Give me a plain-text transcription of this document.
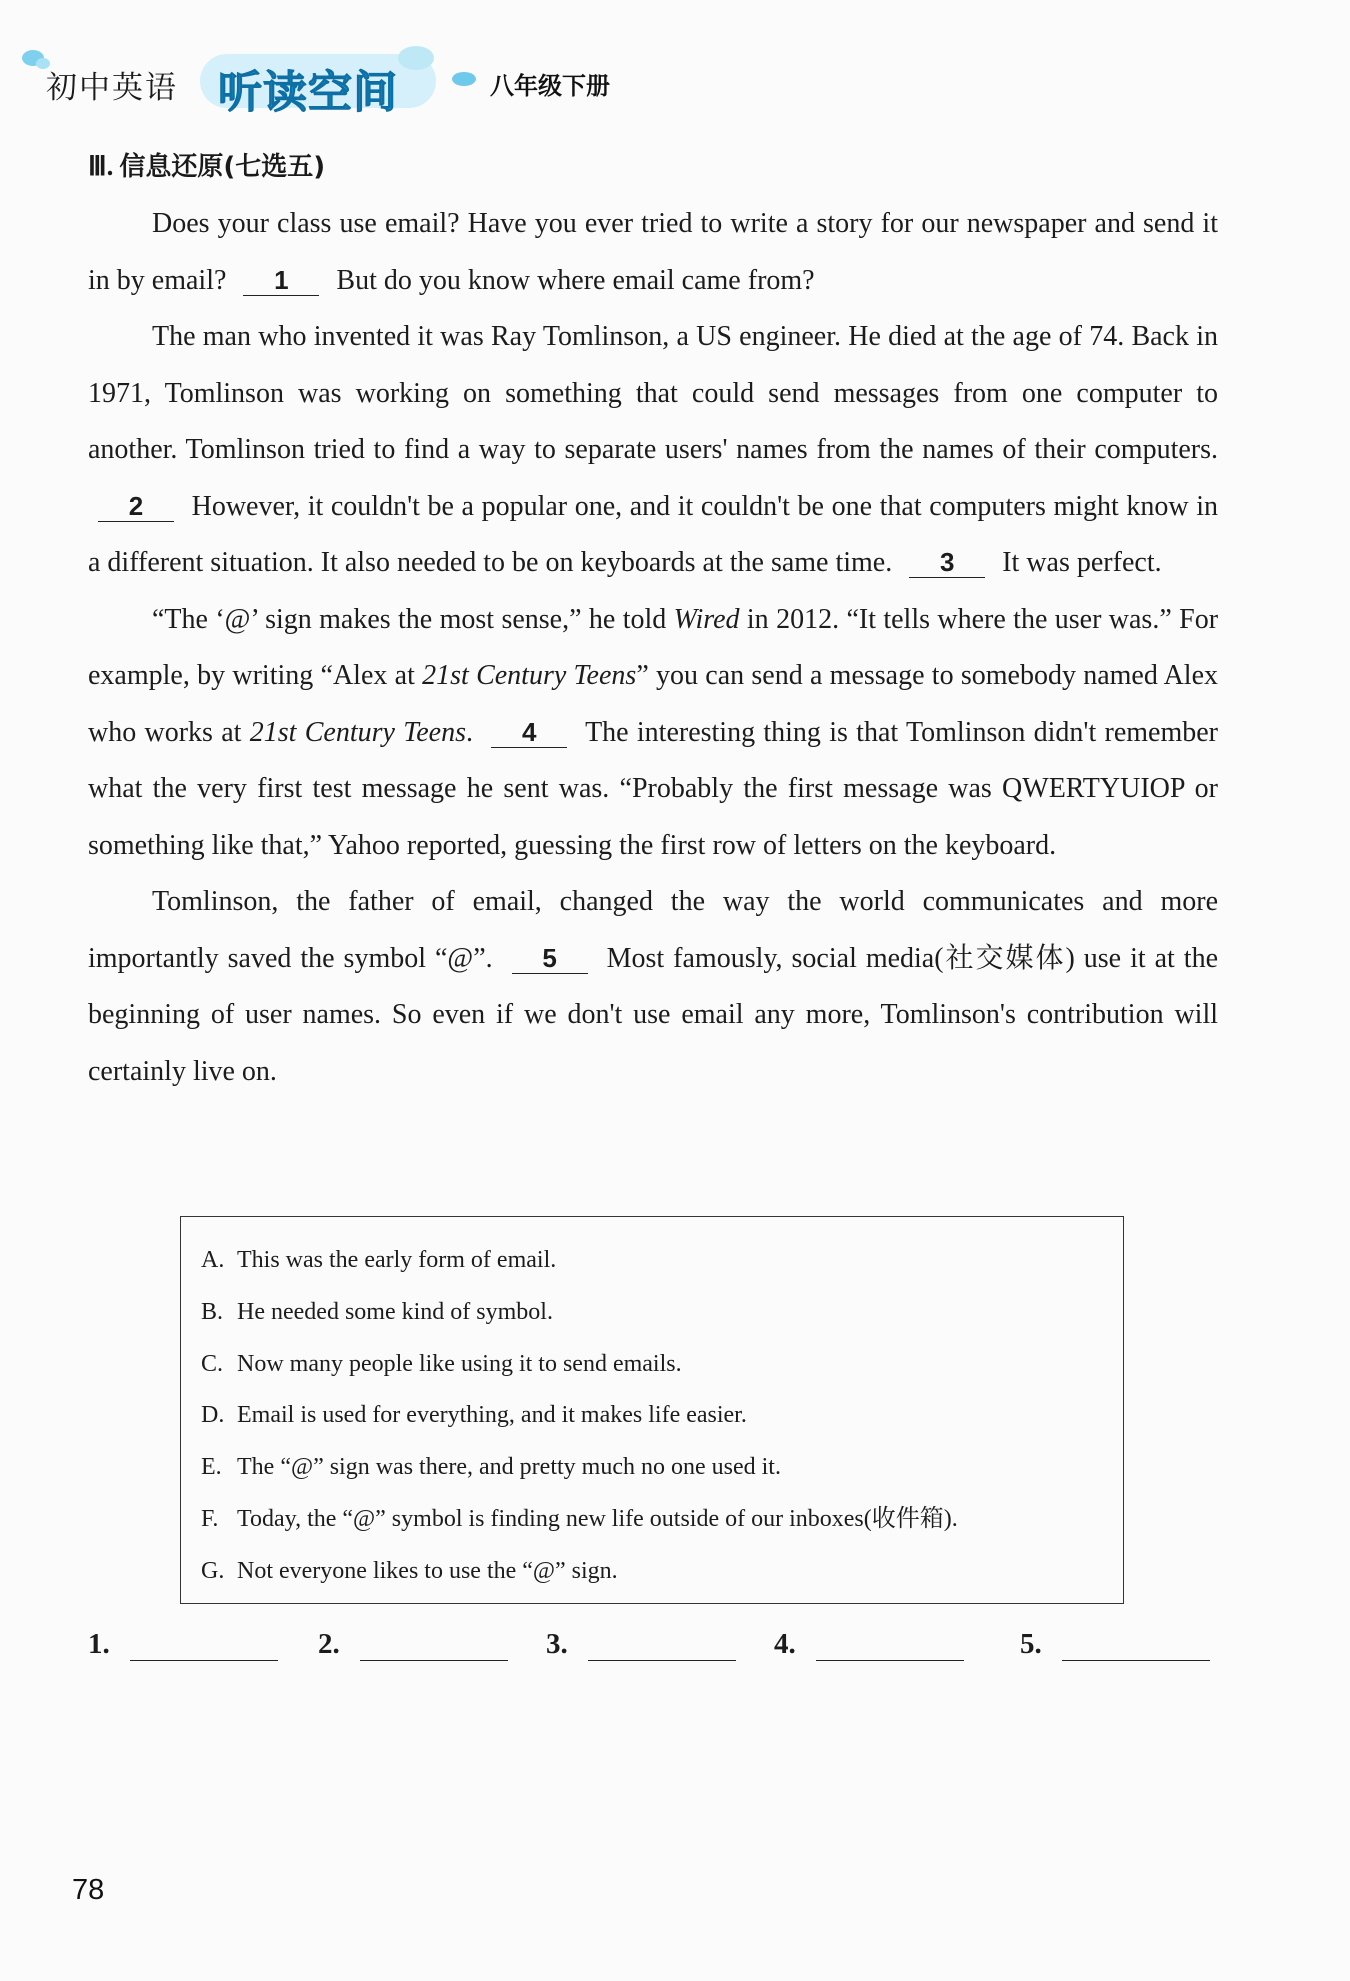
初中英语 听读空间	八年级下册
Ⅲ. 信息还原(七选五)

Does your class use email? Have you ever tried to write a story for our newspaper and send it in by email? 1 But do you know where email came from?

The man who invented it was Ray Tomlinson, a US engineer. He died at the age of 74. Back in 1971, Tomlinson was working on something that could send messages from one computer to another. Tomlinson tried to find a way to separate users' names from the names of their computers. 2 However, it couldn't be a popular one, and it couldn't be one that computers might know in a different situation. It also needed to be on keyboards at the same time. 3 It was perfect.

“The ‘@’ sign makes the most sense,” he told Wired in 2012. “It tells where the user was.” For example, by writing “Alex at 21st Century Teens” you can send a message to somebody named Alex who works at 21st Century Teens. 4 The interesting thing is that Tomlinson didn't remember what the very first test message he sent was. “Probably the first message was QWERTYUIOP or something like that,” Yahoo reported, guessing the first row of letters on the keyboard.

Tomlinson, the father of email, changed the way the world communicates and more importantly saved the symbol “@”. 5 Most famously, social media(社交媒体) use it at the beginning of user names. So even if we don't use email any more, Tomlinson's contribution will certainly live on.

A. This was the early form of email.
B. He needed some kind of symbol.
C. Now many people like using it to send emails.
D. Email is used for everything, and it makes life easier.
E. The “@” sign was there, and pretty much no one used it.
F. Today, the “@” symbol is finding new life outside of our inboxes(收件箱).
G. Not everyone likes to use the “@” sign.
1.	2.	3.	4.	5.
78
